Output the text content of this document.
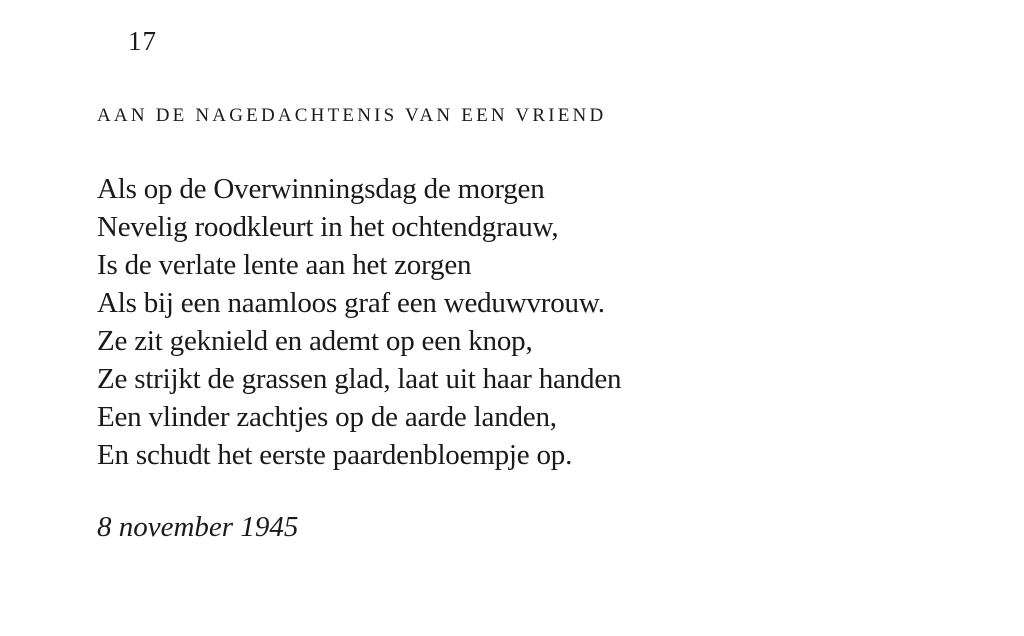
17
AAN DE NAGEDACHTENIS VAN EEN VRIEND
Als op de Overwinningsdag de morgen
Nevelig roodkleurt in het ochtendgrauw,
Is de verlate lente aan het zorgen
Als bij een naamloos graf een weduwvrouw.
Ze zit geknield en ademt op een knop,
Ze strijkt de grassen glad, laat uit haar handen
Een vlinder zachtjes op de aarde landen,
En schudt het eerste paardenbloempje op.
8 november 1945
